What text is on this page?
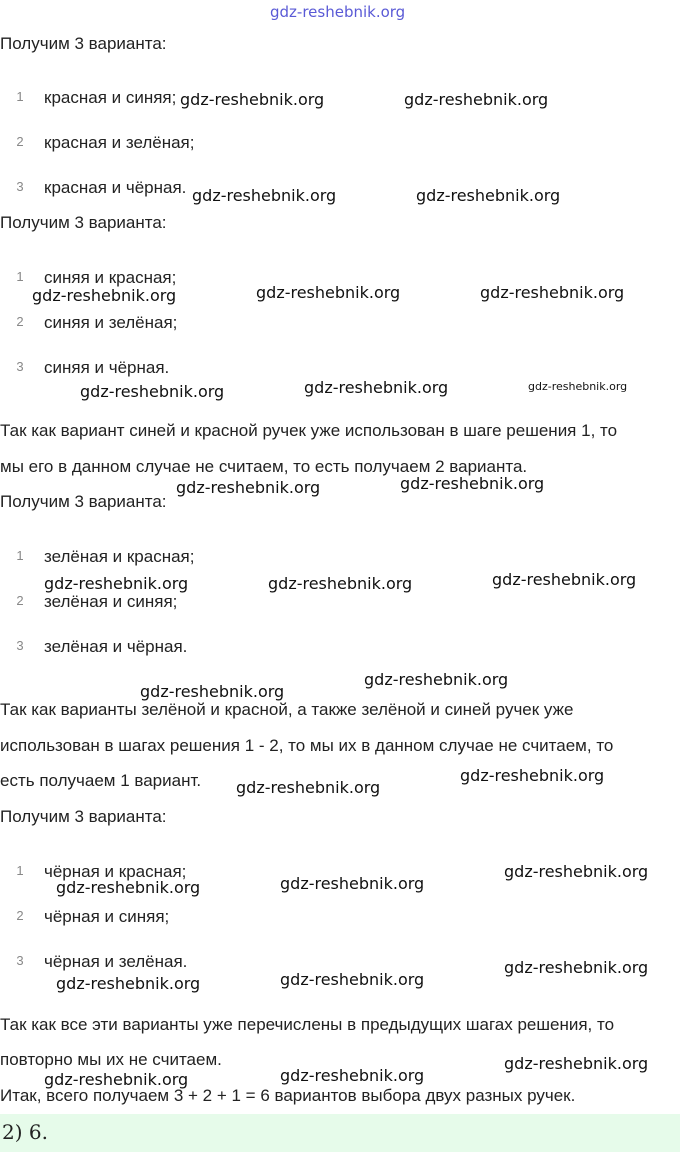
gdz-reshebnik.org
Получим 3 варианта:
1 красная и синяя;
2 красная и зелёная;
3 красная и чёрная.
Получим 3 варианта:
1 синяя и красная;
2 синяя и зелёная;
3 синяя и чёрная.
Так как вариант синей и красной ручек уже использован в шаге решения 1, то
мы его в данном случае не считаем, то есть получаем 2 варианта.
Получим 3 варианта:
1 зелёная и красная;
2 зелёная и синяя;
3 зелёная и чёрная.
Так как варианты зелёной и красной, а также зелёной и синей ручек уже
использован в шагах решения 1 - 2, то мы их в данном случае не считаем, то
есть получаем 1 вариант.
Получим 3 варианта:
1 чёрная и красная;
2 чёрная и синяя;
3 чёрная и зелёная.
Так как все эти варианты уже перечислены в предыдущих шагах решения, то
повторно мы их не считаем.
Итак, всего получаем 3 + 2 + 1 = 6 вариантов выбора двух разных ручек.
2) 6.
gdz-reshebnik.org	gdz-reshebnik.org
gdz-reshebnik.org	gdz-reshebnik.org
gdz-reshebnik.org	gdz-reshebnik.org	gdz-reshebnik.org
gdz-reshebnik.org	gdz-reshebnik.org	gdz-reshebnik.org
gdz-reshebnik.org	gdz-reshebnik.org
gdz-reshebnik.org	gdz-reshebnik.org	gdz-reshebnik.org
gdz-reshebnik.org
gdz-reshebnik.org
gdz-reshebnik.org
gdz-reshebnik.org
gdz-reshebnik.org	gdz-reshebnik.org
gdz-reshebnik.org
gdz-reshebnik.org	gdz-reshebnik.org
gdz-reshebnik.org
gdz-reshebnik.org
gdz-reshebnik.org	gdz-reshebnik.org
